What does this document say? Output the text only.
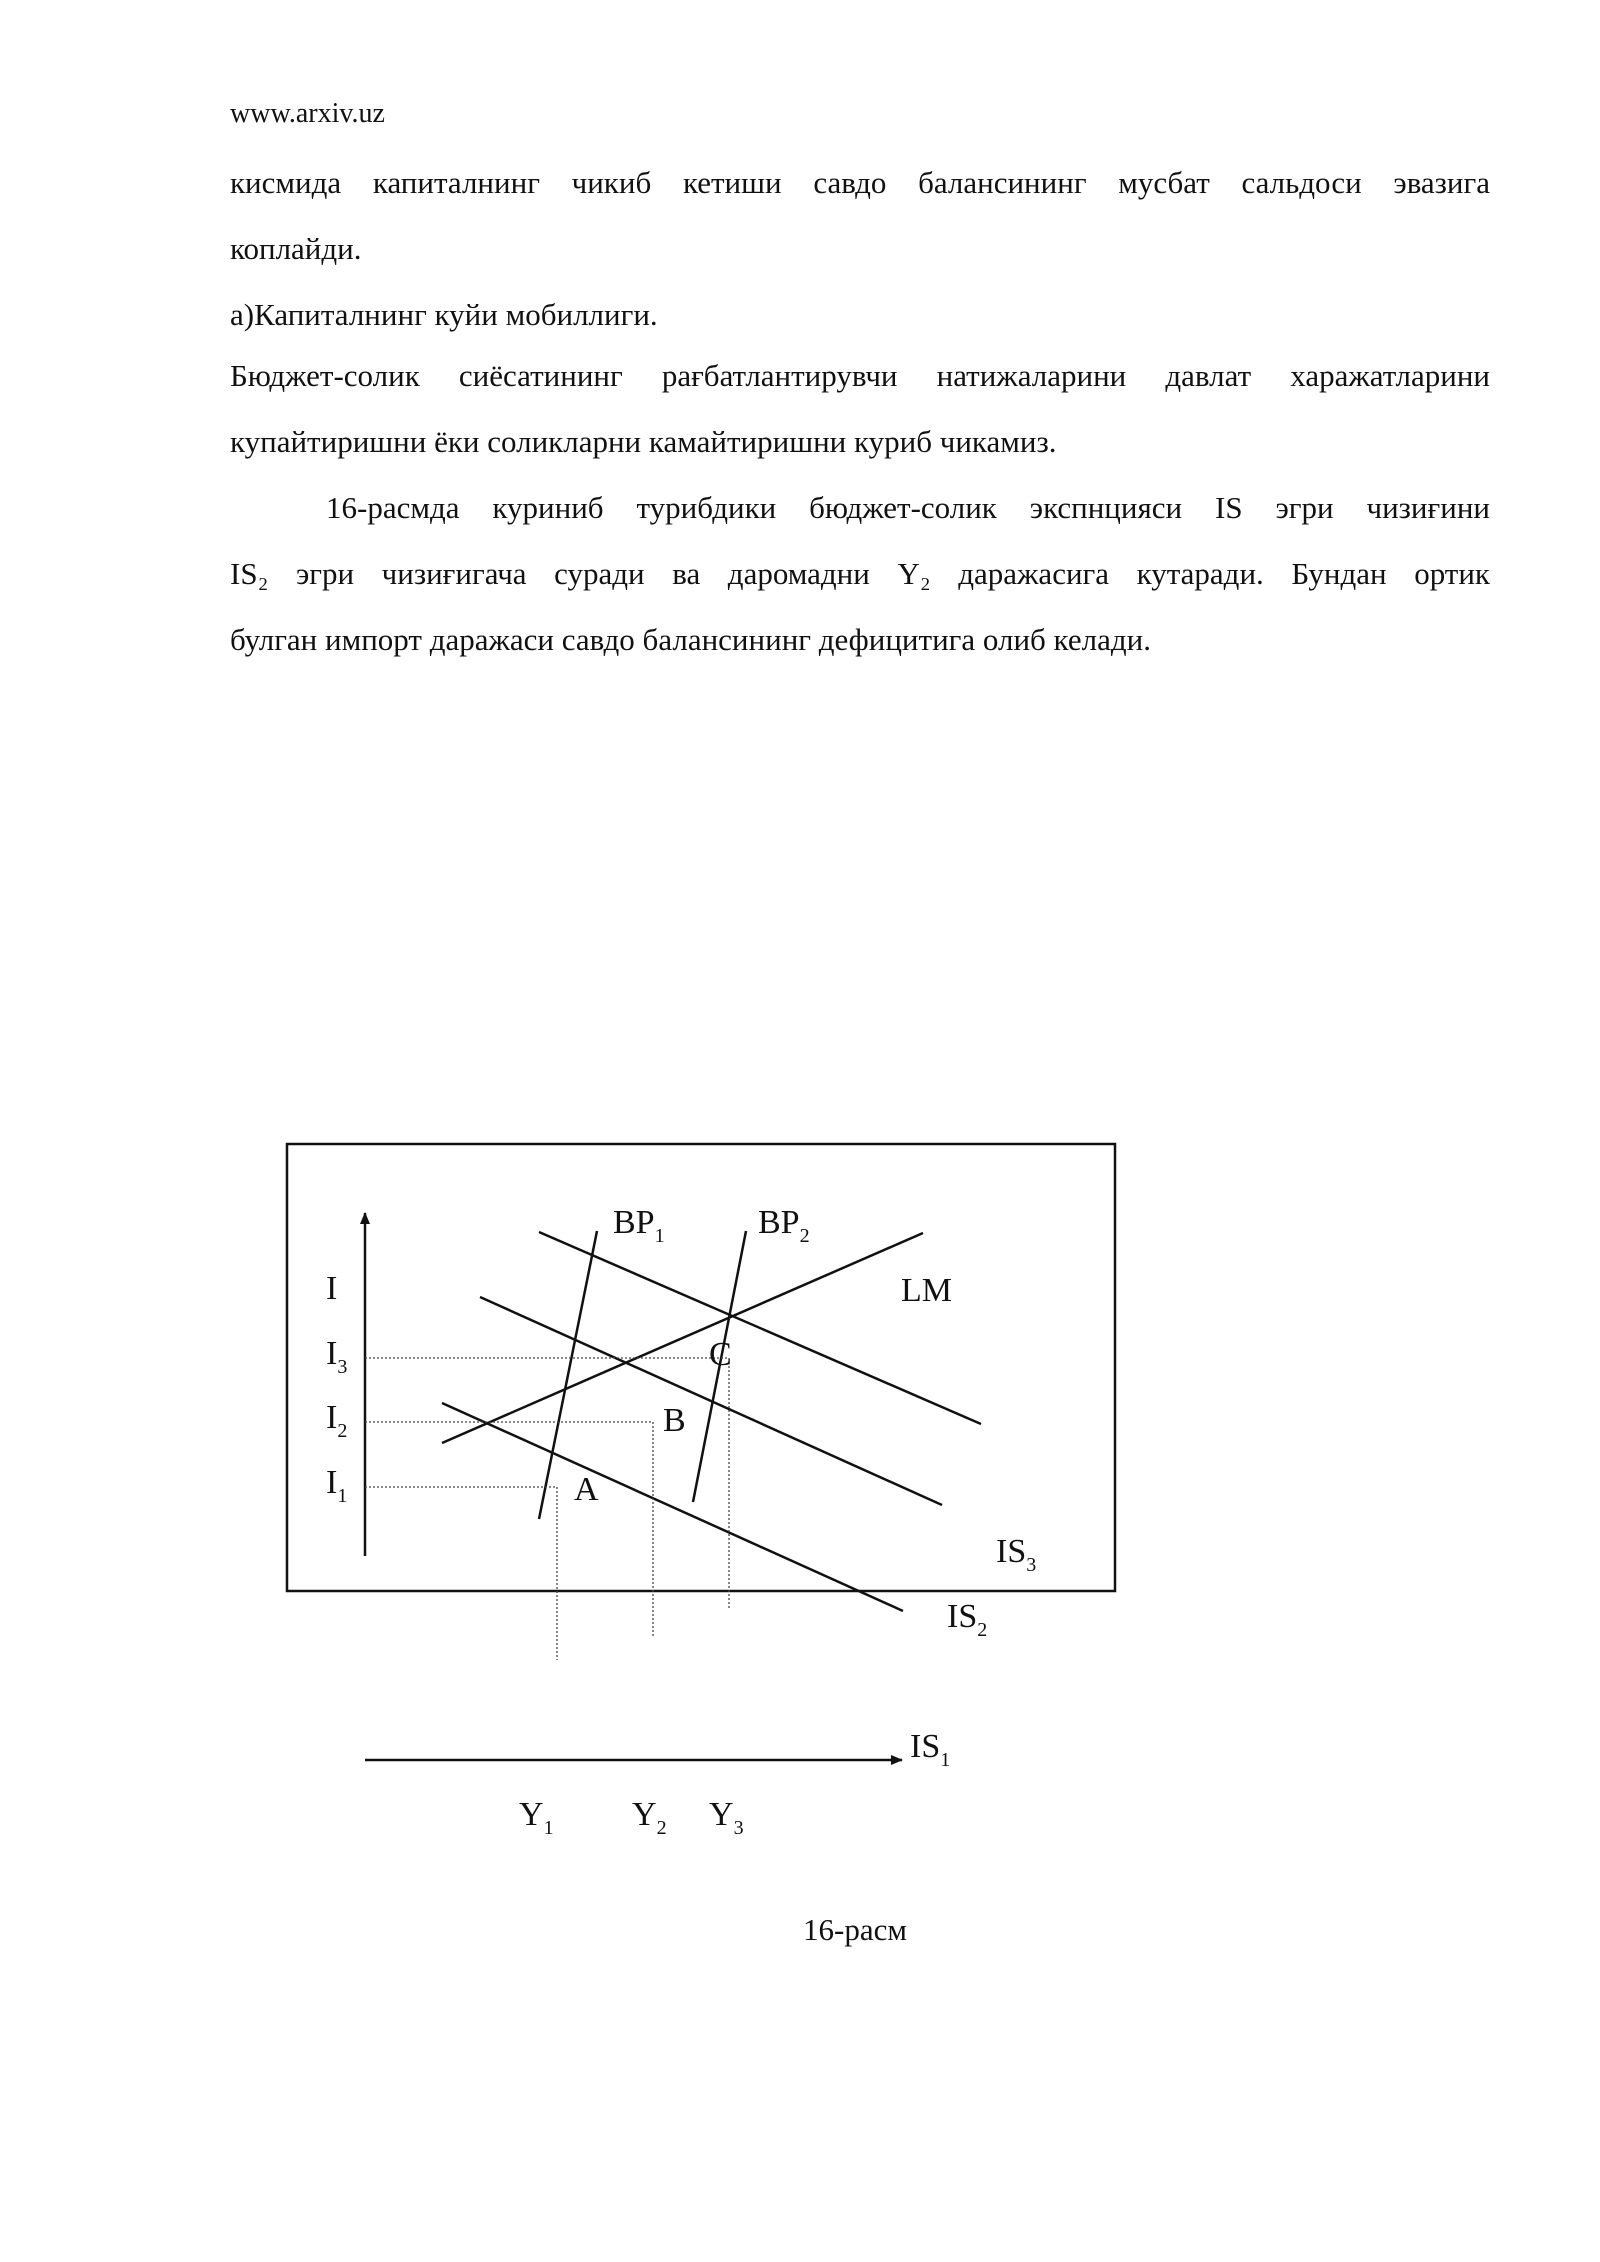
www.arxiv.uz

кисмида капиталнинг чикиб кетиши савдо балансининг мусбат сальдоси эвазига

коплайди.

а)Капиталнинг куйи мобиллиги.

Бюджет-солик сиёсатининг рағбатлантирувчи натижаларини давлат харажатларини

купайтиришни ёки соликларни камайтиришни куриб чикамиз.

16-расмда куриниб турибдики бюджет-солик экспнцияси IS эгри чизиғини

IS₂ эгри чизиғигача суради ва даромадни Y₂ даражасига кутаради. Бундан ортик

булган импорт даражаси савдо балансининг дефицитига олиб келади.

I
$I_3$
$I_2$
$I_1$
$BP_1$	$BP_2$
LM
$IS_3$
$IS_2$
$IS_1$
A
B
C
$Y_1$ $Y_2$ $Y_3$
16-расм
